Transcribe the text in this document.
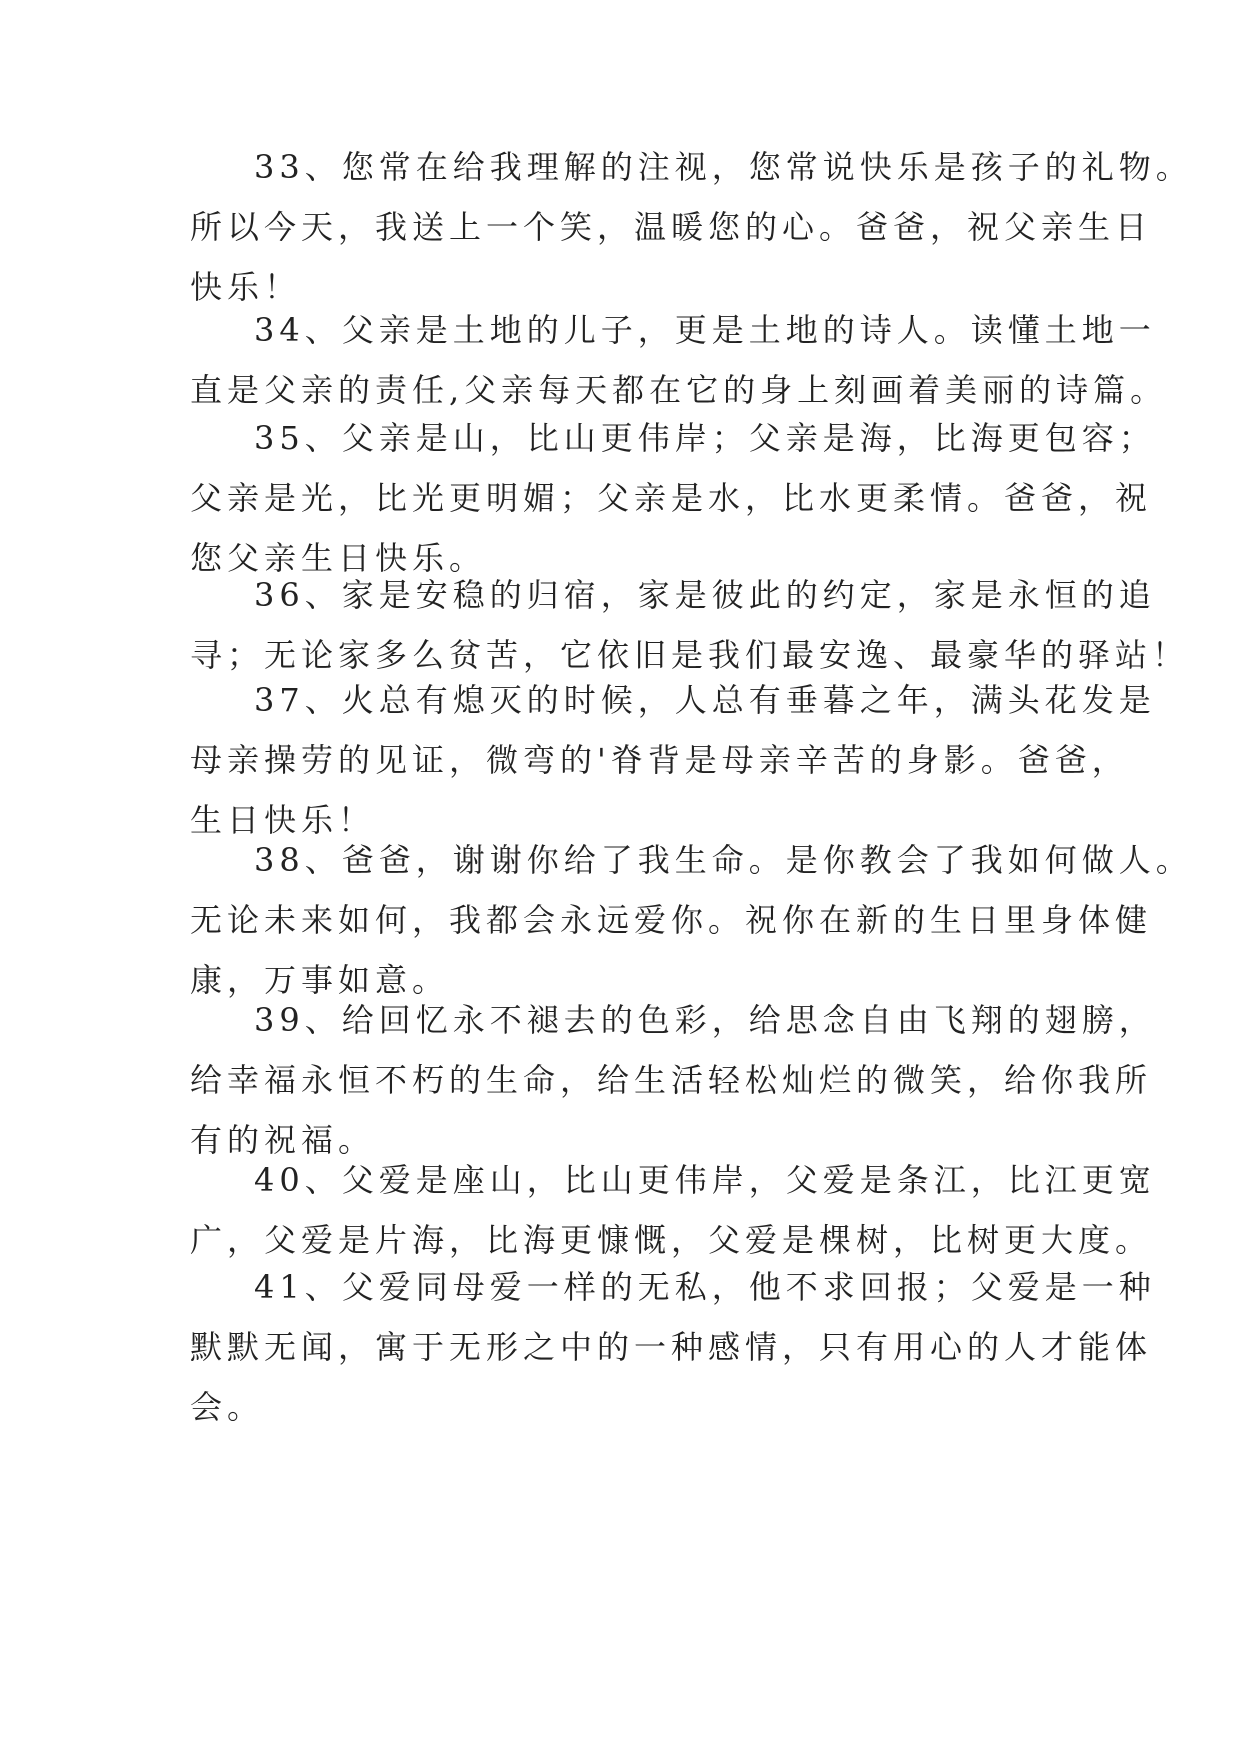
33、您常在给我理解的注视，您常说快乐是孩子的礼物。
所以今天，我送上一个笑，温暖您的心。爸爸，祝父亲生日
快乐！
34、父亲是土地的儿子，更是土地的诗人。读懂土地一
直是父亲的责任,父亲每天都在它的身上刻画着美丽的诗篇。
35、父亲是山，比山更伟岸；父亲是海，比海更包容；
父亲是光，比光更明媚；父亲是水，比水更柔情。爸爸，祝
您父亲生日快乐。
36、家是安稳的归宿，家是彼此的约定，家是永恒的追
寻；无论家多么贫苦，它依旧是我们最安逸、最豪华的驿站！
37、火总有熄灭的时候，人总有垂暮之年，满头花发是
母亲操劳的见证，微弯的'脊背是母亲辛苦的身影。爸爸，
生日快乐！
38、爸爸，谢谢你给了我生命。是你教会了我如何做人。
无论未来如何，我都会永远爱你。祝你在新的生日里身体健
康，万事如意。
39、给回忆永不褪去的色彩，给思念自由飞翔的翅膀，
给幸福永恒不朽的生命，给生活轻松灿烂的微笑，给你我所
有的祝福。
40、父爱是座山，比山更伟岸，父爱是条江，比江更宽
广，父爱是片海，比海更慷慨，父爱是棵树，比树更大度。
41、父爱同母爱一样的无私，他不求回报；父爱是一种
默默无闻，寓于无形之中的一种感情，只有用心的人才能体
会。
